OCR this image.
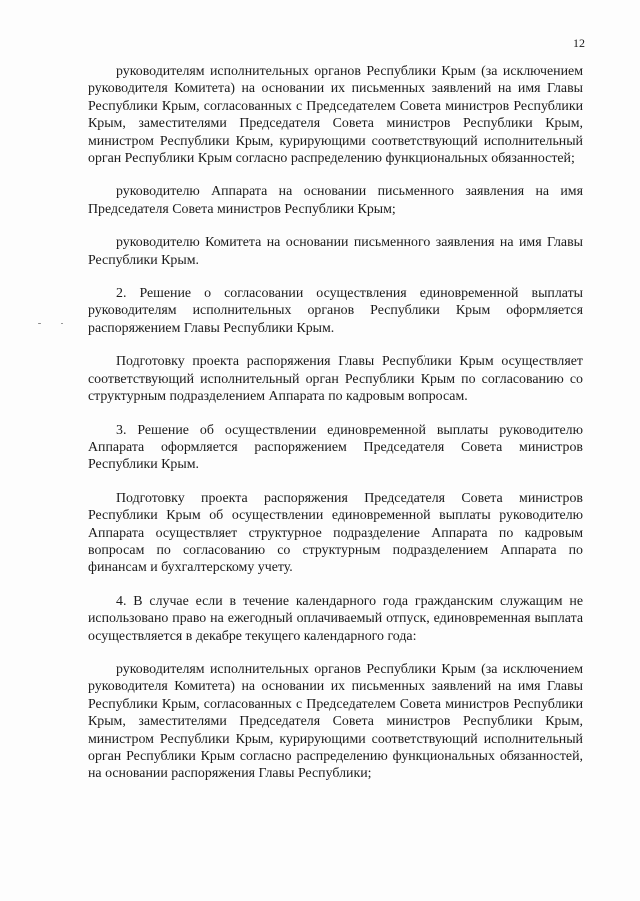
12

руководителям исполнительных органов Республики Крым (за исключением руководителя Комитета) на основании их письменных заявлений на имя Главы Республики Крым, согласованных с Председателем Совета министров Республики Крым, заместителями Председателя Совета министров Республики Крым, министром Республики Крым, курирующими соответствующий исполнительный орган Республики Крым согласно распределению функциональных обязанностей;

руководителю Аппарата на основании письменного заявления на имя Председателя Совета министров Республики Крым;

руководителю Комитета на основании письменного заявления на имя Главы Республики Крым.

2. Решение о согласовании осуществления единовременной выплаты руководителям исполнительных органов Республики Крым оформляется распоряжением Главы Республики Крым.

Подготовку проекта распоряжения Главы Республики Крым осуществляет соответствующий исполнительный орган Республики Крым по согласованию со структурным подразделением Аппарата по кадровым вопросам.

3. Решение об осуществлении единовременной выплаты руководителю Аппарата оформляется распоряжением Председателя Совета министров Республики Крым.

Подготовку проекта распоряжения Председателя Совета министров Республики Крым об осуществлении единовременной выплаты руководителю Аппарата осуществляет структурное подразделение Аппарата по кадровым вопросам по согласованию со структурным подразделением Аппарата по финансам и бухгалтерскому учету.

4. В случае если в течение календарного года гражданским служащим не использовано право на ежегодный оплачиваемый отпуск, единовременная выплата осуществляется в декабре текущего календарного года:

руководителям исполнительных органов Республики Крым (за исключением руководителя Комитета) на основании их письменных заявлений на имя Главы Республики Крым, согласованных с Председателем Совета министров Республики Крым, заместителями Председателя Совета министров Республики Крым, министром Республики Крым, курирующими соответствующий исполнительный орган Республики Крым согласно распределению функциональных обязанностей, на основании распоряжения Главы Республики;
